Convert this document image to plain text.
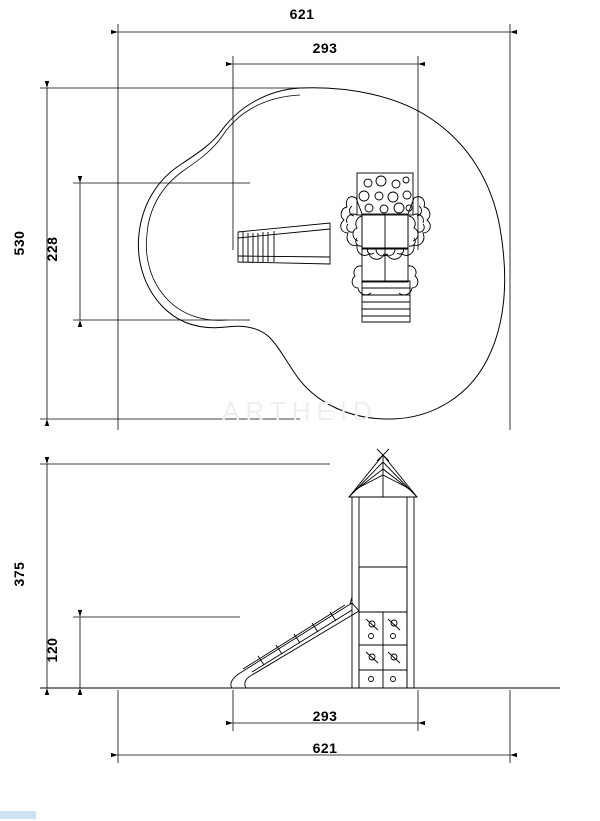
621
293
530 228
375
120
293
621
ARTHEID
